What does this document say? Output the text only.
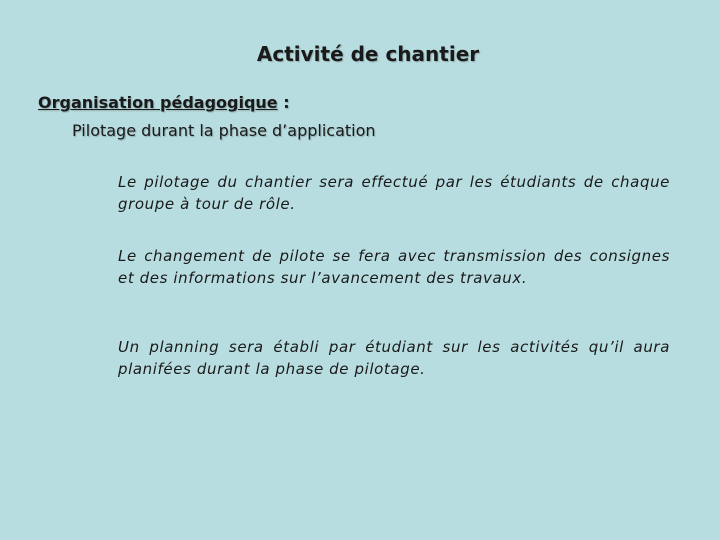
Activité de chantier

Organisation pédagogique :

Pilotage durant la phase d’application

Le pilotage du chantier sera effectué par les étudiants de chaque groupe à tour de rôle.

Le changement de pilote se fera avec transmission des consignes et des informations sur l’avancement des travaux.

Un planning sera établi par étudiant sur les activités qu’il aura planifées durant la phase de pilotage.
